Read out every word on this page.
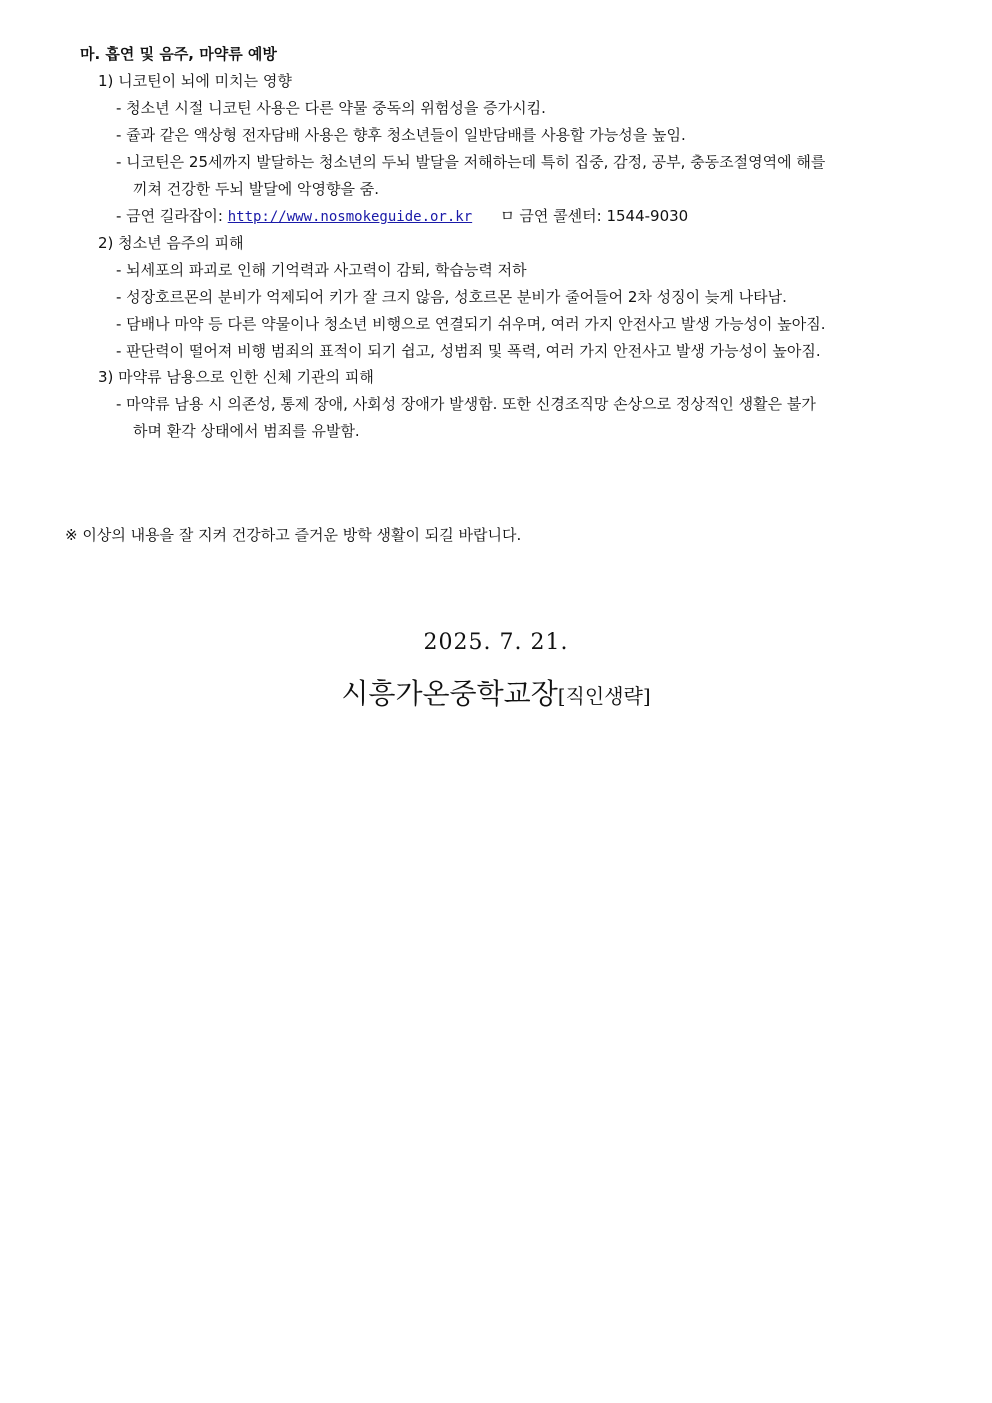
마. 흡연 및 음주, 마약류 예방
1) 니코틴이 뇌에 미치는 영향
- 청소년 시절 니코틴 사용은 다른 약물 중독의 위험성을 증가시킴.
- 쥴과 같은 액상형 전자담배 사용은 향후 청소년들이 일반담배를 사용할 가능성을 높임.
- 니코틴은 25세까지 발달하는 청소년의 두뇌 발달을 저해하는데 특히 집중, 감정, 공부, 충동조절영역에 해를
끼쳐 건강한 두뇌 발달에 악영향을 줌.
- 금연 길라잡이: http://www.nosmokeguide.or.kr ㅁ 금연 콜센터: 1544-9030
2) 청소년 음주의 피해
- 뇌세포의 파괴로 인해 기억력과 사고력이 감퇴, 학습능력 저하
- 성장호르몬의 분비가 억제되어 키가 잘 크지 않음, 성호르몬 분비가 줄어들어 2차 성징이 늦게 나타남.
- 담배나 마약 등 다른 약물이나 청소년 비행으로 연결되기 쉬우며, 여러 가지 안전사고 발생 가능성이 높아짐.
- 판단력이 떨어져 비행 범죄의 표적이 되기 쉽고, 성범죄 및 폭력, 여러 가지 안전사고 발생 가능성이 높아짐.
3) 마약류 남용으로 인한 신체 기관의 피해
- 마약류 남용 시 의존성, 통제 장애, 사회성 장애가 발생함. 또한 신경조직망 손상으로 정상적인 생활은 불가
하며 환각 상태에서 범죄를 유발함.
※ 이상의 내용을 잘 지켜 건강하고 즐거운 방학 생활이 되길 바랍니다.
2025. 7. 21.
시흥가온중학교장[직인생략]
